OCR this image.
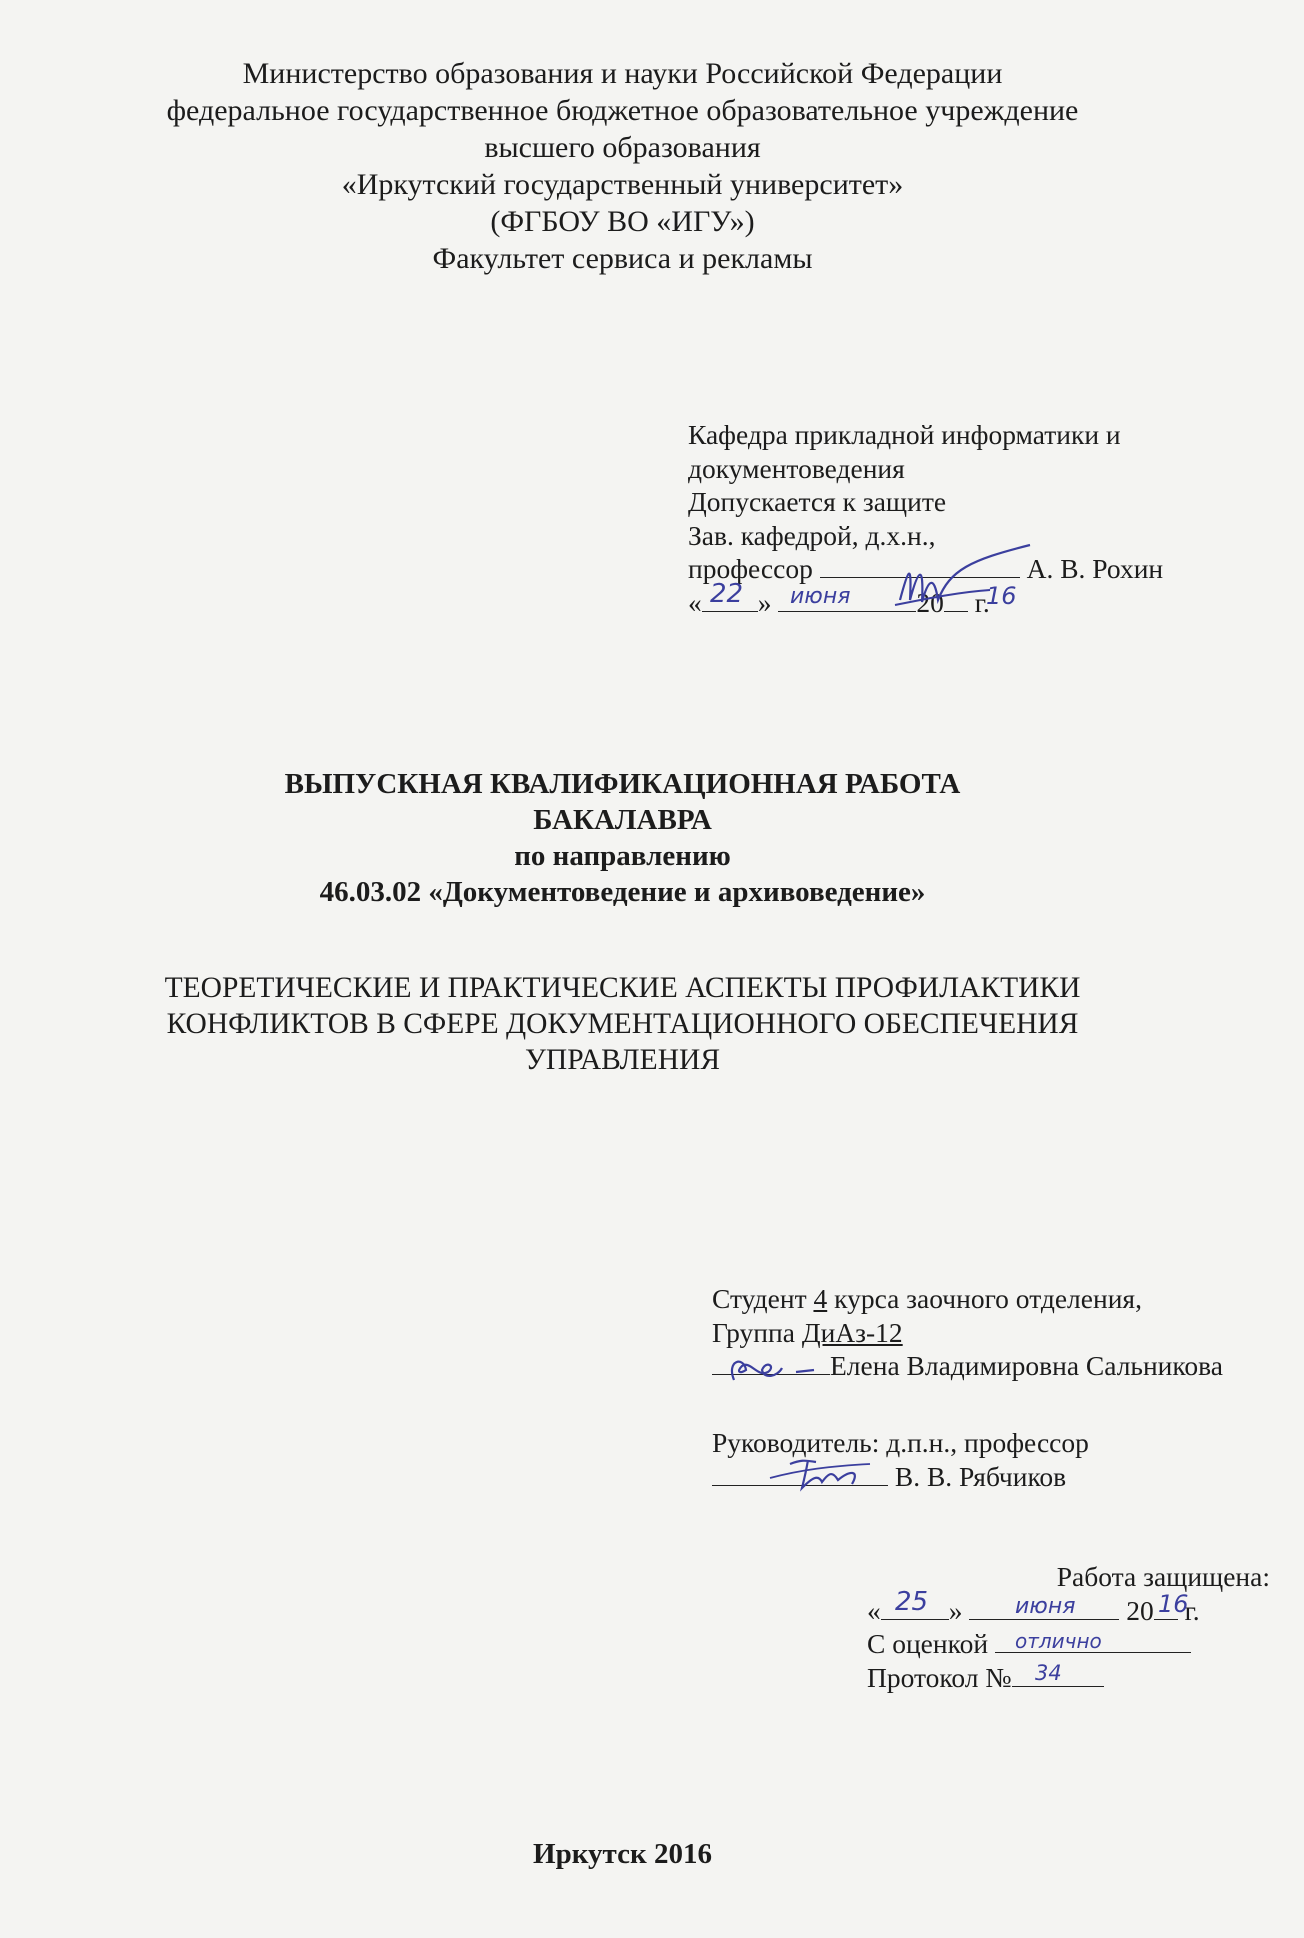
Министерство образования и науки Российской Федерации
федеральное государственное бюджетное образовательное учреждение
высшего образования
«Иркутский государственный университет»
(ФГБОУ ВО «ИГУ»)
Факультет сервиса и рекламы
Кафедра прикладной информатики и
документоведения
Допускается к защите
Зав. кафедрой, д.х.н.,
профессор	А. В. Рохин
« »	20 г.
22 июня	16
ВЫПУСКНАЯ КВАЛИФИКАЦИОННАЯ РАБОТА
БАКАЛАВРА
по направлению
46.03.02 «Документоведение и архивоведение»
ТЕОРЕТИЧЕСКИЕ И ПРАКТИЧЕСКИЕ АСПЕКТЫ ПРОФИЛАКТИКИ
КОНФЛИКТОВ В СФЕРЕ ДОКУМЕНТАЦИОННОГО ОБЕСПЕЧЕНИЯ
УПРАВЛЕНИЯ
Студент 4 курса заочного отделения,
Группа ДиАз-12
Елена Владимировна Сальникова
Руководитель: д.п.н., профессор
В. В. Рябчиков
Работа защищена:
« »	20 г.
25	июня	16
С оценкой отлично
Протокол № 34
Иркутск 2016
